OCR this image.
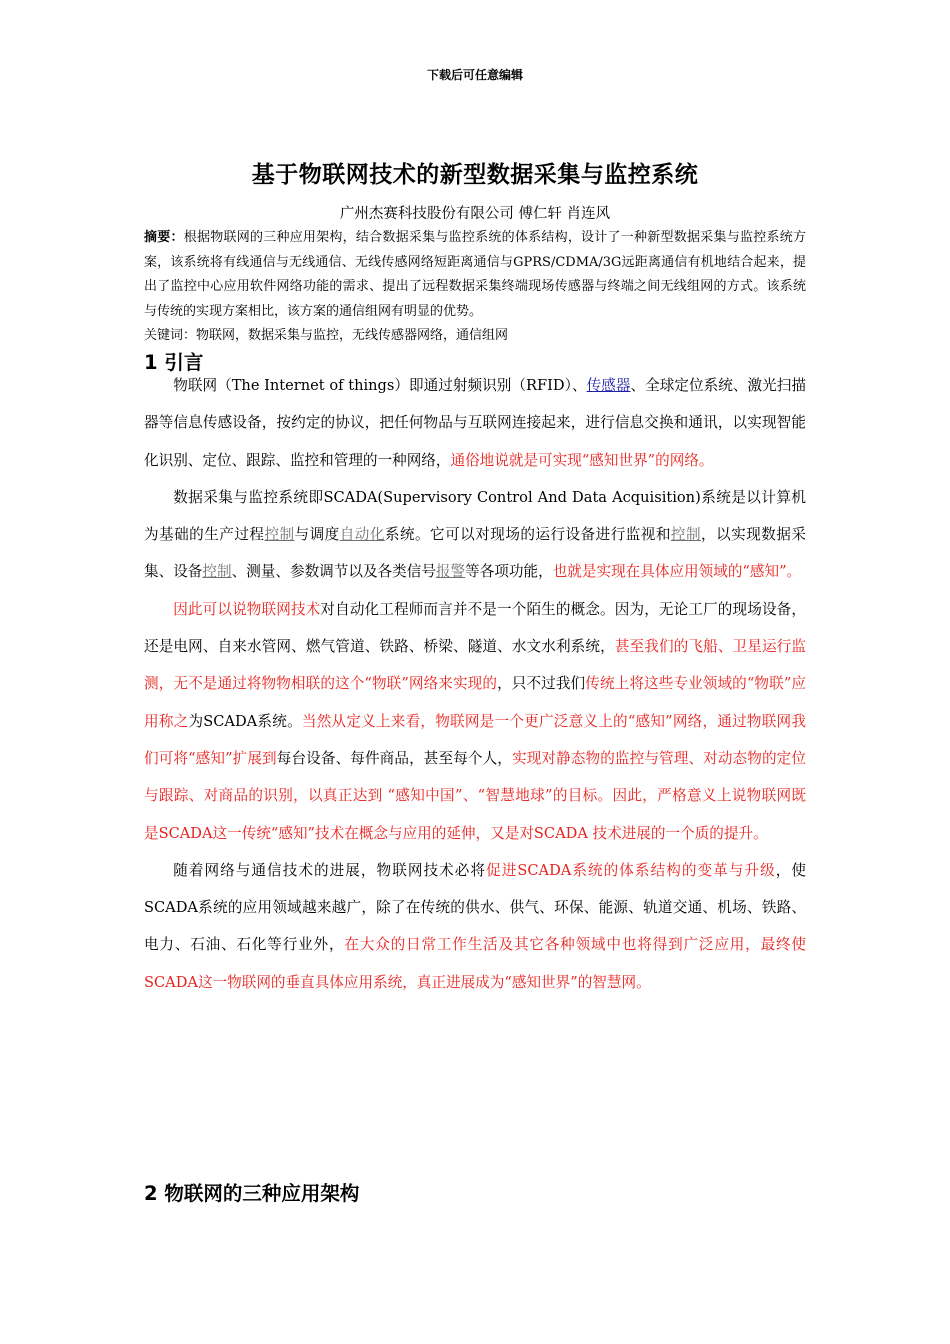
下载后可任意编辑
基于物联网技术的新型数据采集与监控系统
广州杰赛科技股份有限公司 傅仁轩 肖连风
摘要：根据物联网的三种应用架构，结合数据采集与监控系统的体系结构，设计了一种新型数据采集与监控系统方案，该系统将有线通信与无线通信、无线传感网络短距离通信与GPRS/CDMA/3G远距离通信有机地结合起来，提出了监控中心应用软件网络功能的需求、提出了远程数据采集终端现场传感器与终端之间无线组网的方式。该系统与传统的实现方案相比，该方案的通信组网有明显的优势。
关键词：物联网，数据采集与监控，无线传感器网络，通信组网
1 引言

物联网（The Internet of things）即通过射频识别（RFID）、传感器、全球定位系统、激光扫描器等信息传感设备，按约定的协议，把任何物品与互联网连接起来，进行信息交换和通讯，以实现智能化识别、定位、跟踪、监控和管理的一种网络，通俗地说就是可实现“感知世界”的网络。

数据采集与监控系统即SCADA(Supervisory Control And Data Acquisition)系统是以计算机为基础的生产过程控制与调度自动化系统。它可以对现场的运行设备进行监视和控制，以实现数据采集、设备控制、测量、参数调节以及各类信号报警等各项功能，也就是实现在具体应用领域的“感知”。

因此可以说物联网技术对自动化工程师而言并不是一个陌生的概念。因为，无论工厂的现场设备，还是电网、自来水管网、燃气管道、铁路、桥梁、隧道、水文水利系统，甚至我们的飞船、卫星运行监测，无不是通过将物物相联的这个“物联”网络来实现的，只不过我们传统上将这些专业领域的“物联”应用称之为SCADA系统。当然从定义上来看，物联网是一个更广泛意义上的“感知”网络，通过物联网我们可将“感知”扩展到每台设备、每件商品，甚至每个人，实现对静态物的监控与管理、对动态物的定位与跟踪、对商品的识别，以真正达到 “感知中国”、“智慧地球”的目标。因此，严格意义上说物联网既是SCADA这一传统“感知”技术在概念与应用的延伸，又是对SCADA 技术进展的一个质的提升。

随着网络与通信技术的进展，物联网技术必将促进SCADA系统的体系结构的变革与升级，使SCADA系统的应用领域越来越广，除了在传统的供水、供气、环保、能源、轨道交通、机场、铁路、电力、石油、石化等行业外，在大众的日常工作生活及其它各种领域中也将得到广泛应用，最终使SCADA这一物联网的垂直具体应用系统，真正进展成为“感知世界”的智慧网。

2 物联网的三种应用架构
